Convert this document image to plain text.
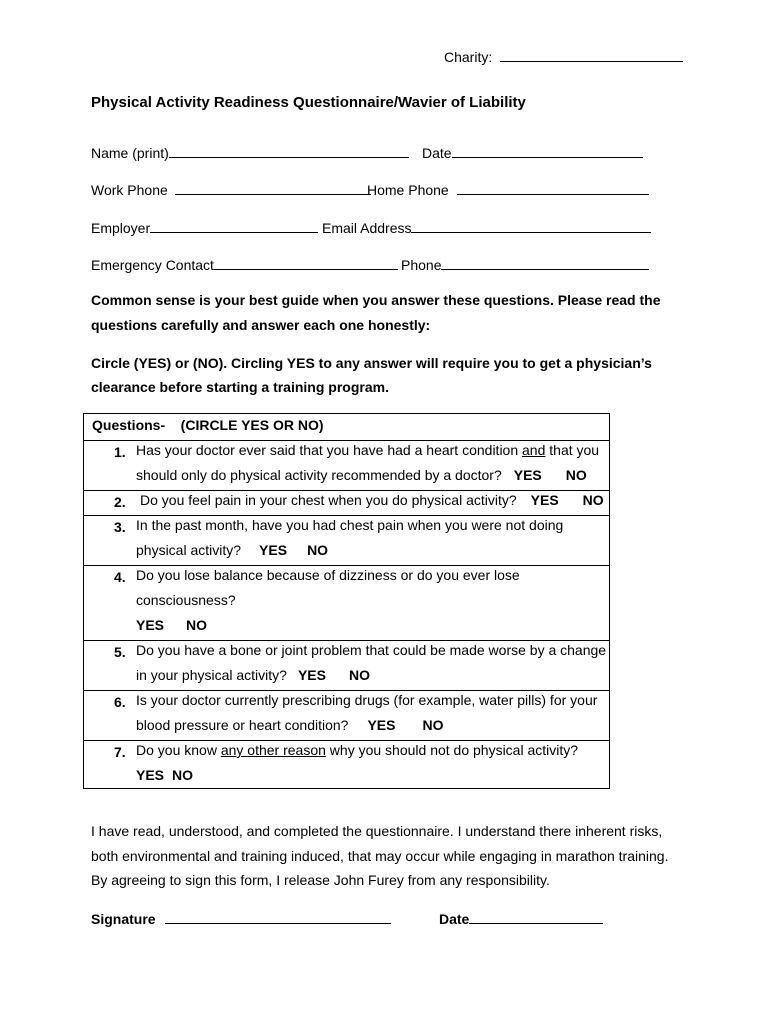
Charity:
Physical Activity Readiness Questionnaire/Wavier of Liability
Name (print)	Date
Work Phone	Home Phone
Employer	Email Address
Emergency Contact	Phone
Common sense is your best guide when you answer these questions. Please read the
questions carefully and answer each one honestly:
Circle (YES) or (NO). Circling YES to any answer will require you to get a physician’s
clearance before starting a training program.
Questions-    (CIRCLE YES OR NO)
1. Has your doctor ever said that you have had a heart condition and that you
should only do physical activity recommended by a doctor? YES NO
2. Do you feel pain in your chest when you do physical activity? YES NO
3. In the past month, have you had chest pain when you were not doing
physical activity? YES NO
4. Do you lose balance because of dizziness or do you ever lose
consciousness?
YES NO
5. Do you have a bone or joint problem that could be made worse by a change
in your physical activity? YES NO
6. Is your doctor currently prescribing drugs (for example, water pills) for your
blood pressure or heart condition? YES NO
7. Do you know any other reason why you should not do physical activity?
YES NO
I have read, understood, and completed the questionnaire. I understand there inherent risks,
both environmental and training induced, that may occur while engaging in marathon training.
By agreeing to sign this form, I release John Furey from any responsibility.
Signature	Date
